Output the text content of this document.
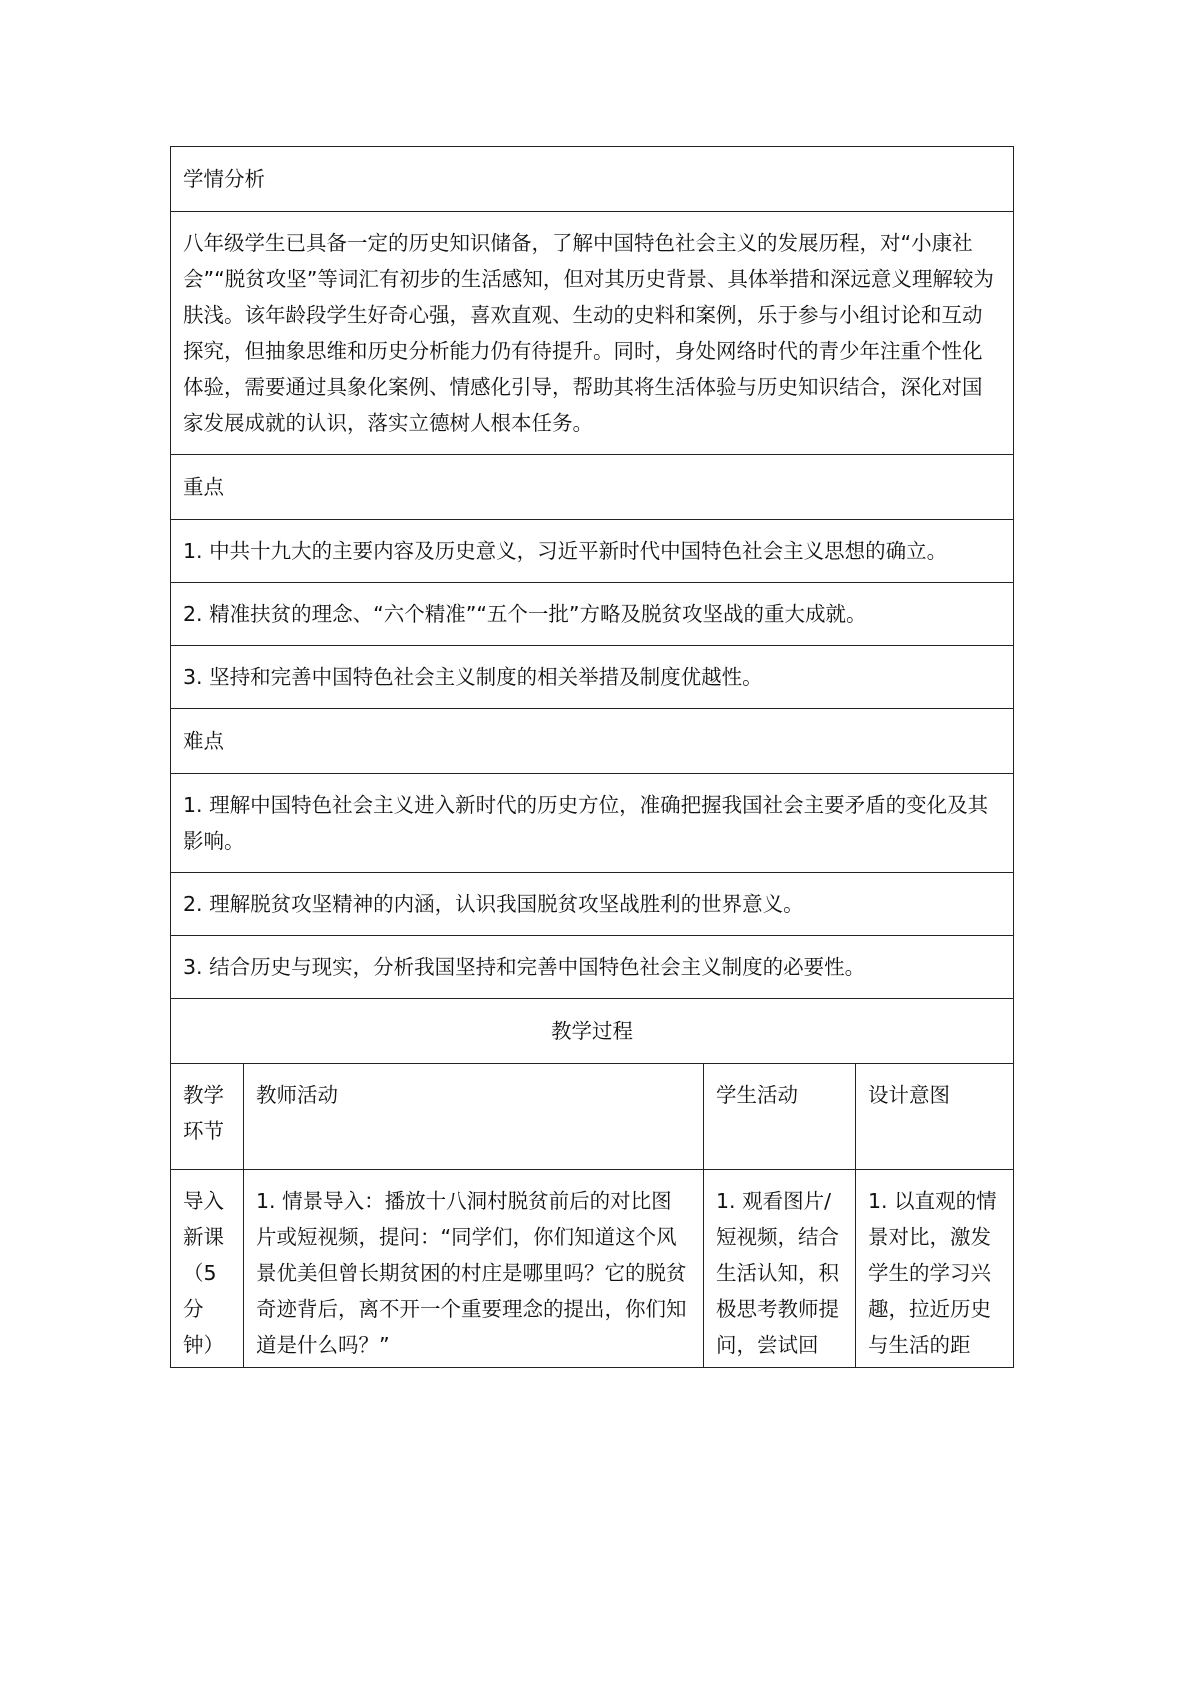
学情分析			
八年级学生已具备一定的历史知识储备，了解中国特色社会主义的发展历程，对“小康社会”“脱贫攻坚”等词汇有初步的生活感知，但对其历史背景、具体举措和深远意义理解较为肤浅。该年龄段学生好奇心强，喜欢直观、生动的史料和案例，乐于参与小组讨论和互动探究，但抽象思维和历史分析能力仍有待提升。同时，身处网络时代的青少年注重个性化体验，需要通过具象化案例、情感化引导，帮助其将生活体验与历史知识结合，深化对国家发展成就的认识，落实立德树人根本任务。			
重点			
1. 中共十九大的主要内容及历史意义，习近平新时代中国特色社会主义思想的确立。			
2. 精准扶贫的理念、“六个精准”“五个一批”方略及脱贫攻坚战的重大成就。			
3. 坚持和完善中国特色社会主义制度的相关举措及制度优越性。			
难点			
1. 理解中国特色社会主义进入新时代的历史方位，准确把握我国社会主要矛盾的变化及其影响。			
2. 理解脱贫攻坚精神的内涵，认识我国脱贫攻坚战胜利的世界意义。			
3. 结合历史与现实，分析我国坚持和完善中国特色社会主义制度的必要性。			
教学过程			
教学环节	教师活动	学生活动	设计意图
导入新课（5分钟）	1. 情景导入：播放十八洞村脱贫前后的对比图片或短视频，提问：“同学们，你们知道这个风景优美但曾长期贫困的村庄是哪里吗？它的脱贫奇迹背后，离不开一个重要理念的提出，你们知道是什么吗？”	1. 观看图片/短视频，结合生活认知，积极思考教师提问，尝试回	1. 以直观的情景对比，激发学生的学习兴趣，拉近历史与生活的距
